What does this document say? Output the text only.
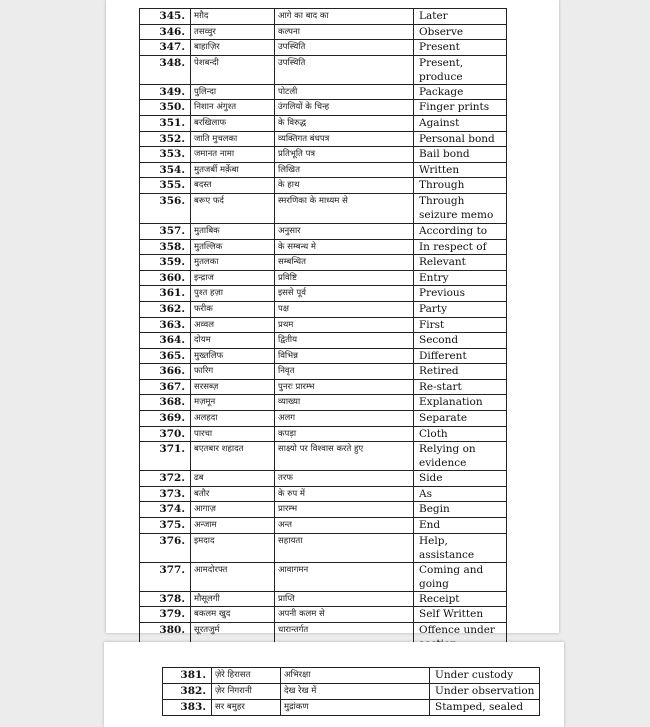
345.	मग़ैद	आगे का बाद का	Later
346.	तसव्वुर	कल्पना	Observe
347.	बाहाज़िर	उपस्थिति	Present
348.	पेशबन्दी	उपस्थिति	Present, produce
349.	पुलिन्दा	पोटली	Package
350.	निशान अंगुश्त	उंगलियों के चिन्ह	Finger prints
351.	बरखिलाफ	के विरुद्ध	Against
352.	जाति मुचलका	व्यक्तिगत बंधपत्र	Personal bond
353.	जमानत नामा	प्रतिभूति पत्र	Bail bond
354.	मुतजर्बी मर्क़ेबा	लिखित	Written
355.	बदस्त	के हाथ	Through
356.	बरूए फर्द	स्मरणिका के माध्यम से	Through seizure memo
357.	मुताबिक	अनुसार	According to
358.	मुतल्लिक	के सम्बन्ध मे	In respect of
359.	मुतलका	सम्बन्धित	Relevant
360.	इन्द्राज	प्रविष्टि	Entry
361.	पुश्त हज़ा	इससे पूर्व	Previous
362.	फरीक	पक्ष	Party
363.	अव्वल	प्रथम	First
364.	दोयम	द्वितीय	Second
365.	मुख्तलिफ	विभिन्न	Different
366.	फारिग	निवृत	Retired
367.	सरसब्ज़	पुनरः प्रारम्भ	Re-start
368.	मज़मून	व्याख्या	Explanation
369.	अलहदा	अलग	Separate
370.	पारचा	कपड़ा	Cloth
371.	बएतबार शहादत	साक्ष्यो पर विश्वास करते हुए	Relying on evidence
372.	ढब	तरफ	Side
373.	बतौर	के रुप में	As
374.	आगाज़	प्रारम्भ	Begin
375.	अन्जाम	अन्त	End
376.	इमदाद	सहायता	Help, assistance
377.	आमदोरफ्त	आवागमन	Coming and going
378.	मौसूलगी	प्राप्ति	Receipt
379.	बकलम खुद	अपनी कलम से	Self Written
380.	सूरतजुर्म	धारान्तर्गत	Offence under
381.	ज़ेरे हिरासत	अभिरक्षा	Under custody
382.	ज़ेर निगरानी	देख रेख में	Under observation
383.	सर बमुहर	मुद्रांकण	Stamped, sealed
